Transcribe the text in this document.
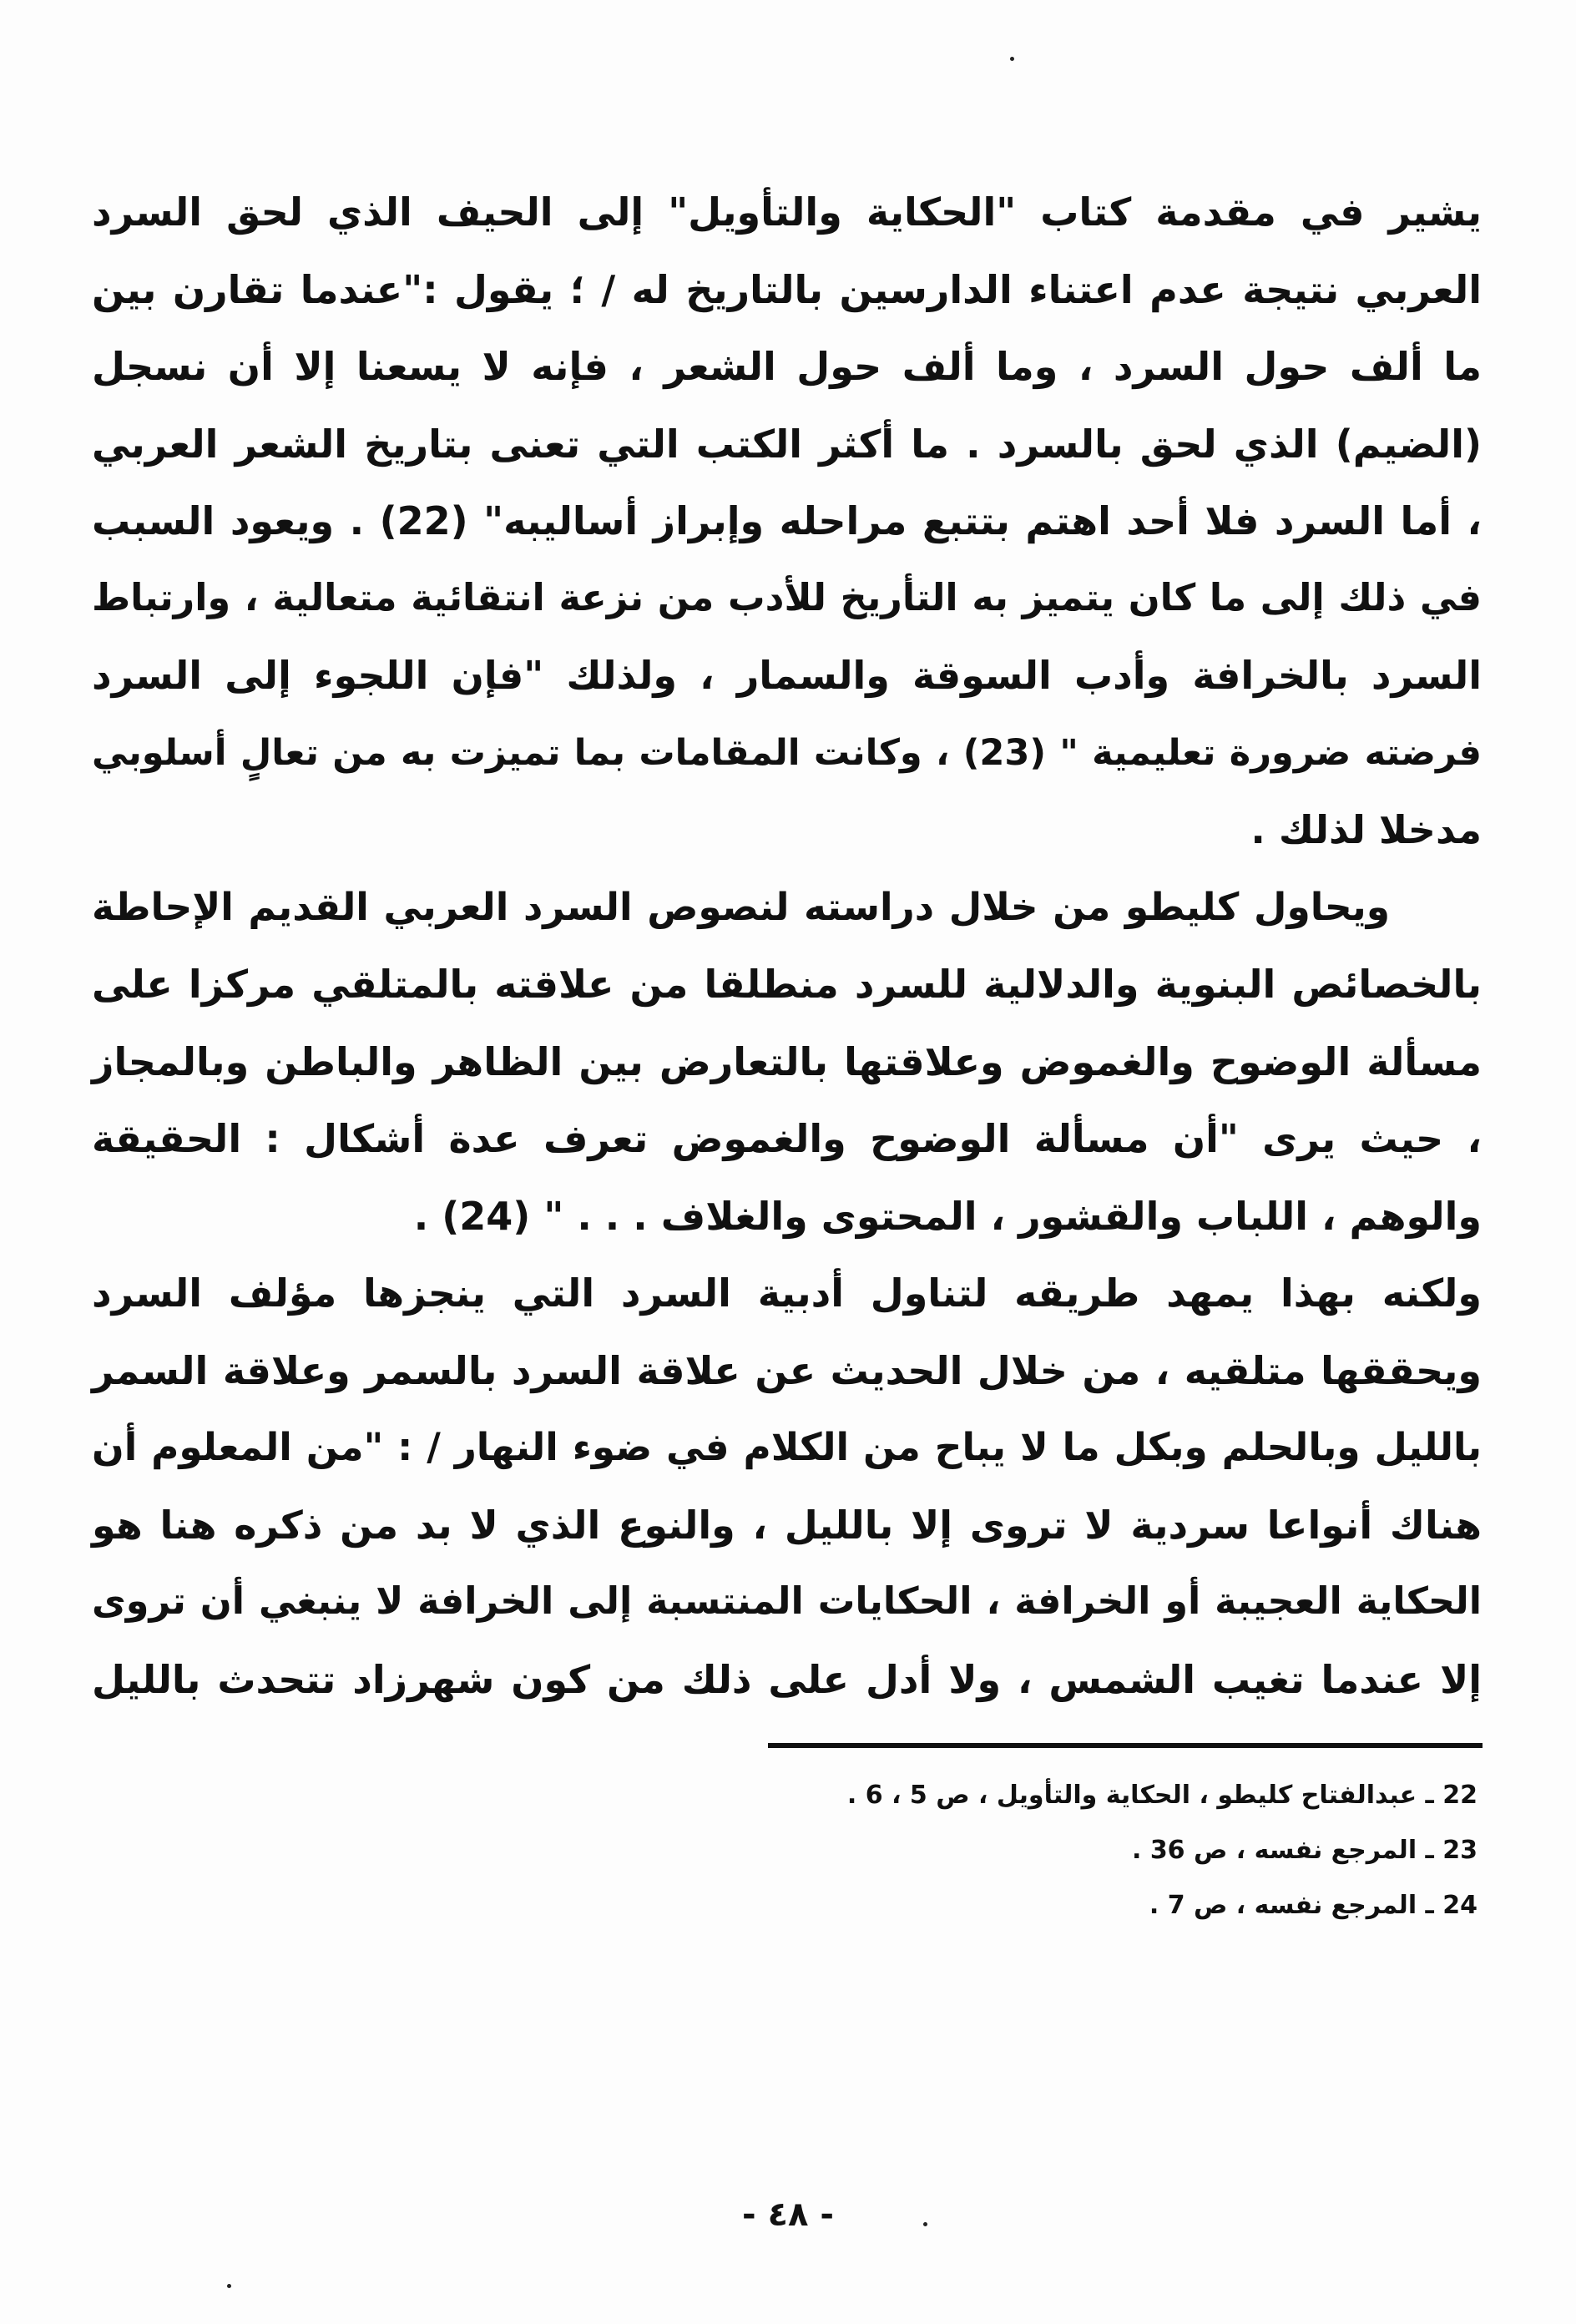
يشير في مقدمة كتاب "الحكاية والتأويل" إلى الحيف الذي لحق السرد
العربي نتيجة عدم اعتناء الدارسين بالتاريخ له / ؛ يقول :"عندما تقارن بين
ما ألف حول السرد ، وما ألف حول الشعر ، فإنه لا يسعنا إلا أن نسجل
(الضيم) الذي لحق بالسرد . ما أكثر الكتب التي تعنى بتاريخ الشعر العربي
، أما السرد فلا أحد اهتم بتتبع مراحله وإبراز أساليبه" (22) . ويعود السبب
في ذلك إلى ما كان يتميز به التأريخ للأدب من نزعة انتقائية متعالية ، وارتباط
السرد بالخرافة وأدب السوقة والسمار ، ولذلك "فإن اللجوء إلى السرد
فرضته ضرورة تعليمية " (23) ، وكانت المقامات بما تميزت به من تعالٍ أسلوبي
مدخلا لذلك .

ويحاول كليطو من خلال دراسته لنصوص السرد العربي القديم الإحاطة
بالخصائص البنوية والدلالية للسرد منطلقا من علاقته بالمتلقي مركزا على
مسألة الوضوح والغموض وعلاقتها بالتعارض بين الظاهر والباطن وبالمجاز
، حيث يرى "أن مسألة الوضوح والغموض تعرف عدة أشكال : الحقيقة
والوهم ، اللباب والقشور ، المحتوى والغلاف . . . " (24) .

ولكنه بهذا يمهد طريقه لتناول أدبية السرد التي ينجزها مؤلف السرد
ويحققها متلقيه ، من خلال الحديث عن علاقة السرد بالسمر وعلاقة السمر
بالليل وبالحلم وبكل ما لا يباح من الكلام في ضوء النهار / : "من المعلوم أن
هناك أنواعا سردية لا تروى إلا بالليل ، والنوع الذي لا بد من ذكره هنا هو
الحكاية العجيبة أو الخرافة ، الحكايات المنتسبة إلى الخرافة لا ينبغي أن تروى
إلا عندما تغيب الشمس ، ولا أدل على ذلك من كون شهرزاد تتحدث بالليل

22 ـ عبدالفتاح كليطو ، الحكاية والتأويل ، ص 5 ، 6 .
23 ـ المرجع نفسه ، ص 36 .
24 ـ المرجع نفسه ، ص 7 .
- ٤٨ -
